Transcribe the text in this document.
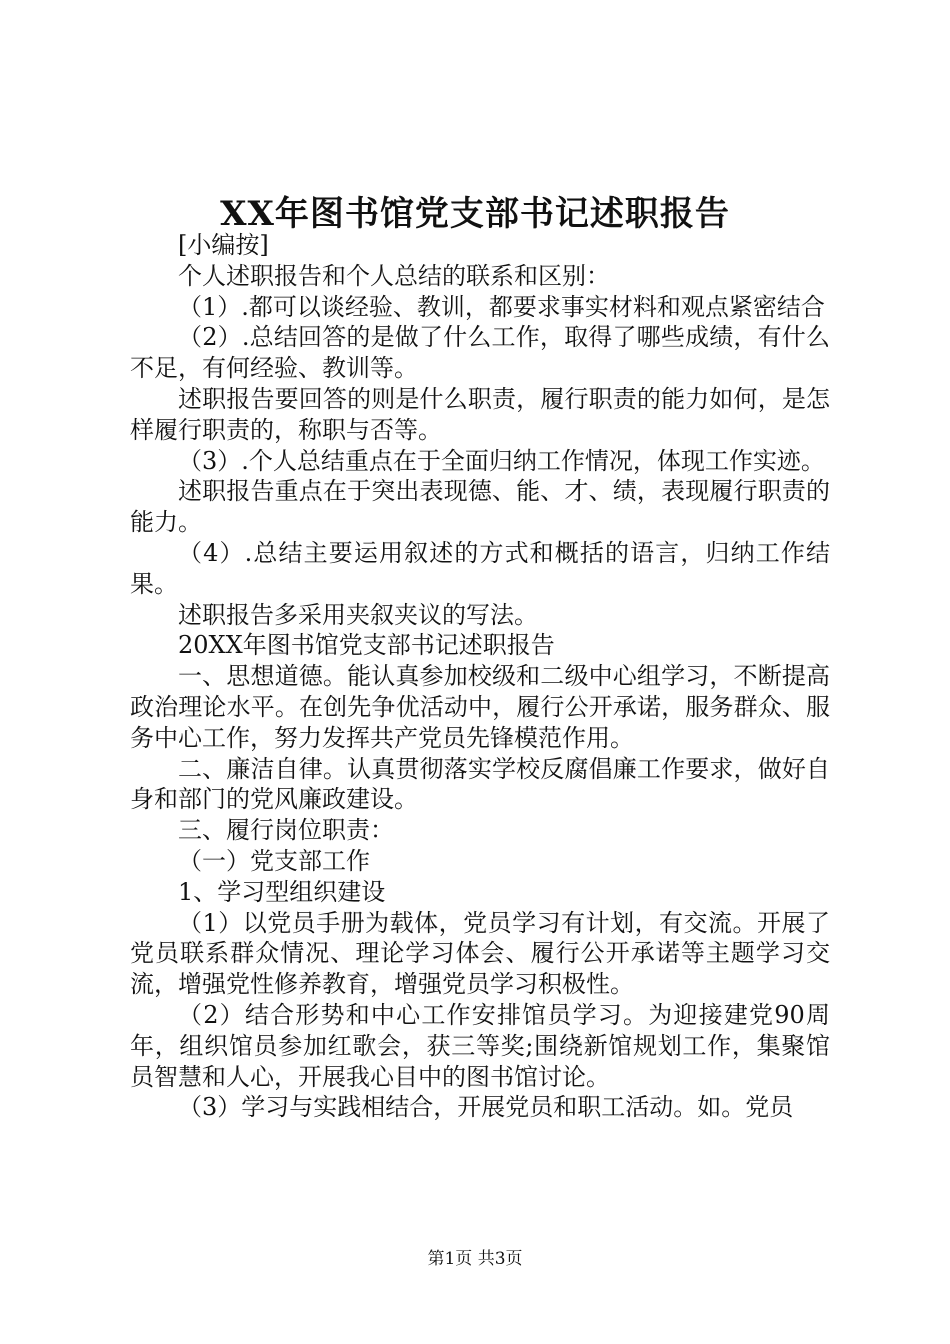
XX年图书馆党支部书记述职报告

[小编按]

个人述职报告和个人总结的联系和区别：

（1）.都可以谈经验、教训，都要求事实材料和观点紧密结合

（2）.总结回答的是做了什么工作，取得了哪些成绩，有什么不足，有何经验、教训等。

述职报告要回答的则是什么职责，履行职责的能力如何，是怎样履行职责的，称职与否等。

（3）.个人总结重点在于全面归纳工作情况，体现工作实迹。

述职报告重点在于突出表现德、能、才、绩，表现履行职责的能力。

（4）.总结主要运用叙述的方式和概括的语言，归纳工作结果。

述职报告多采用夹叙夹议的写法。

20XX年图书馆党支部书记述职报告

一、思想道德。能认真参加校级和二级中心组学习，不断提高政治理论水平。在创先争优活动中，履行公开承诺，服务群众、服务中心工作，努力发挥共产党员先锋模范作用。

二、廉洁自律。认真贯彻落实学校反腐倡廉工作要求，做好自身和部门的党风廉政建设。

三、履行岗位职责：

（一）党支部工作

1、学习型组织建设

（1）以党员手册为载体，党员学习有计划，有交流。开展了党员联系群众情况、理论学习体会、履行公开承诺等主题学习交流，增强党性修养教育，增强党员学习积极性。

（2）结合形势和中心工作安排馆员学习。为迎接建党90周年，组织馆员参加红歌会，获三等奖;围绕新馆规划工作，集聚馆员智慧和人心，开展我心目中的图书馆讨论。

（3）学习与实践相结合，开展党员和职工活动。如。党员

第1页 共3页
